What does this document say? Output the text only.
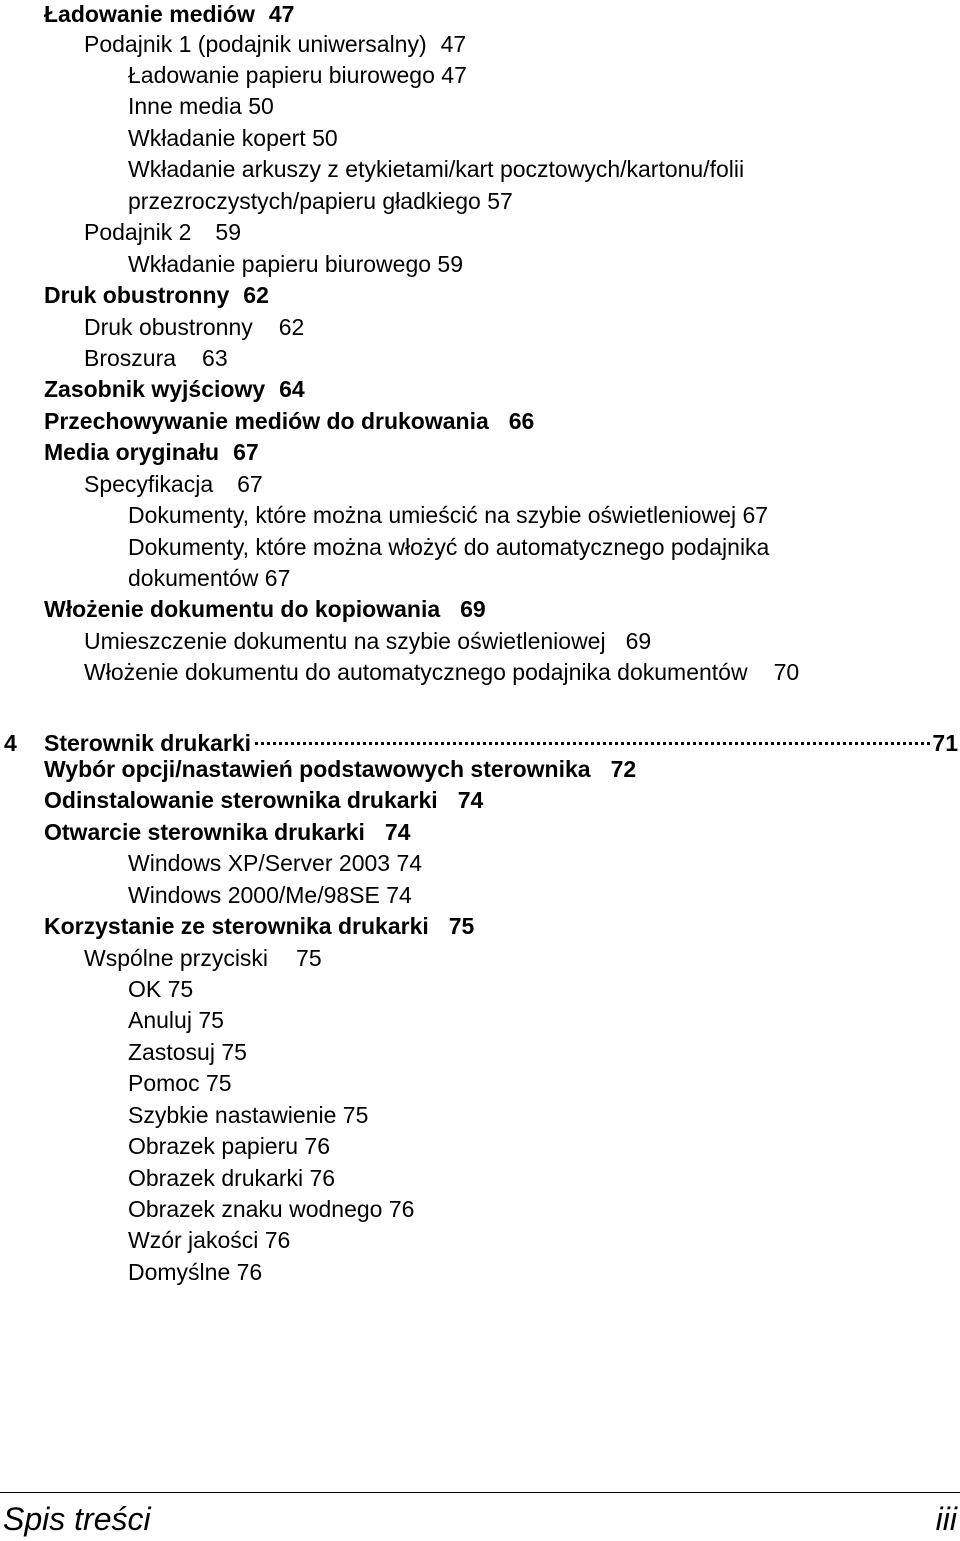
Ładowanie mediów 47
Podajnik 1 (podajnik uniwersalny) 47
Ładowanie papieru biurowego 47
Inne media 50
Wkładanie kopert 50
Wkładanie arkuszy z etykietami/kart pocztowych/kartonu/folii
przezroczystych/papieru gładkiego 57
Podajnik 2 59
Wkładanie papieru biurowego 59
Druk obustronny 62
Druk obustronny 62
Broszura 63
Zasobnik wyjściowy 64
Przechowywanie mediów do drukowania 66
Media oryginału 67
Specyfikacja 67
Dokumenty, które można umieścić na szybie oświetleniowej 67
Dokumenty, które można włożyć do automatycznego podajnika
dokumentów 67
Włożenie dokumentu do kopiowania 69
Umieszczenie dokumentu na szybie oświetleniowej 69
Włożenie dokumentu do automatycznego podajnika dokumentów 70
4	Sterownik drukarki	71
Wybór opcji/nastawień podstawowych sterownika 72
Odinstalowanie sterownika drukarki 74
Otwarcie sterownika drukarki 74
Windows XP/Server 2003 74
Windows 2000/Me/98SE 74
Korzystanie ze sterownika drukarki 75
Wspólne przyciski 75
OK 75
Anuluj 75
Zastosuj 75
Pomoc 75
Szybkie nastawienie 75
Obrazek papieru 76
Obrazek drukarki 76
Obrazek znaku wodnego 76
Wzór jakości 76
Domyślne 76
Spis treści	iii
